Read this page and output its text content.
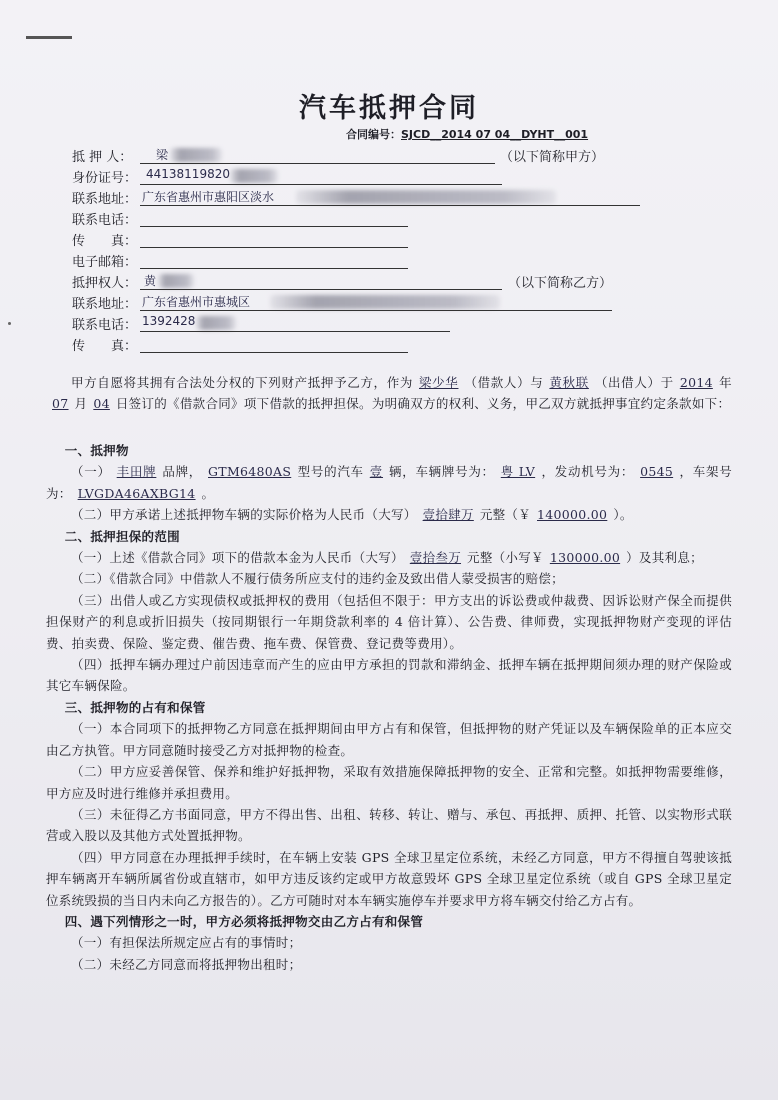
汽车抵押合同
合同编号：SJCD__2014 07 04__DYHT__001
抵 押 人： 梁	（以下简称甲方）
身份证号： 44138119820
联系地址： 广东省惠州市惠阳区淡水
联系电话：
传　　真：
电子邮箱：
抵押权人： 黄	（以下简称乙方）
联系地址： 广东省惠州市惠城区
联系电话： 1392428
传　　真：

甲方自愿将其拥有合法处分权的下列财产抵押予乙方，作为 梁少华 （借款人）与 黄秋联 （出借人）于 2014 年07 月 04 日签订的《借款合同》项下借款的抵押担保。为明确双方的权利、义务，甲乙双方就抵押事宜约定条款如下：

一、抵押物

（一） 丰田牌 品牌， GTM6480AS 型号的汽车 壹 辆，车辆牌号为： 粤 LV ，发动机号为： 0545 ，车架号为： LVGDA46AXBG14 。

（二）甲方承诺上述抵押物车辆的实际价格为人民币（大写） 壹拾肆万 元整（￥ 140000.00 ）。

二、抵押担保的范围

（一）上述《借款合同》项下的借款本金为人民币（大写） 壹拾叁万 元整（小写￥ 130000.00 ）及其利息；

（二）《借款合同》中借款人不履行债务所应支付的违约金及致出借人蒙受损害的赔偿；

（三）出借人或乙方实现债权或抵押权的费用（包括但不限于：甲方支出的诉讼费或仲裁费、因诉讼财产保全而提供担保财产的利息或折旧损失（按同期银行一年期贷款利率的 4 倍计算）、公告费、律师费，实现抵押物财产变现的评估费、拍卖费、保险、鉴定费、催告费、拖车费、保管费、登记费等费用）。

（四）抵押车辆办理过户前因违章而产生的应由甲方承担的罚款和滞纳金、抵押车辆在抵押期间须办理的财产保险或其它车辆保险。

三、抵押物的占有和保管

（一）本合同项下的抵押物乙方同意在抵押期间由甲方占有和保管，但抵押物的财产凭证以及车辆保险单的正本应交由乙方执管。甲方同意随时接受乙方对抵押物的检查。

（二）甲方应妥善保管、保养和维护好抵押物，采取有效措施保障抵押物的安全、正常和完整。如抵押物需要维修，甲方应及时进行维修并承担费用。

（三）未征得乙方书面同意，甲方不得出售、出租、转移、转让、赠与、承包、再抵押、质押、托管、以实物形式联营或入股以及其他方式处置抵押物。

（四）甲方同意在办理抵押手续时，在车辆上安装 GPS 全球卫星定位系统，未经乙方同意，甲方不得擅自驾驶该抵押车辆离开车辆所属省份或直辖市，如甲方违反该约定或甲方故意毁坏 GPS 全球卫星定位系统（或自 GPS 全球卫星定位系统毁损的当日内未向乙方报告的）。乙方可随时对本车辆实施停车并要求甲方将车辆交付给乙方占有。

四、遇下列情形之一时，甲方必须将抵押物交由乙方占有和保管

（一）有担保法所规定应占有的事情时；

（二）未经乙方同意而将抵押物出租时；
